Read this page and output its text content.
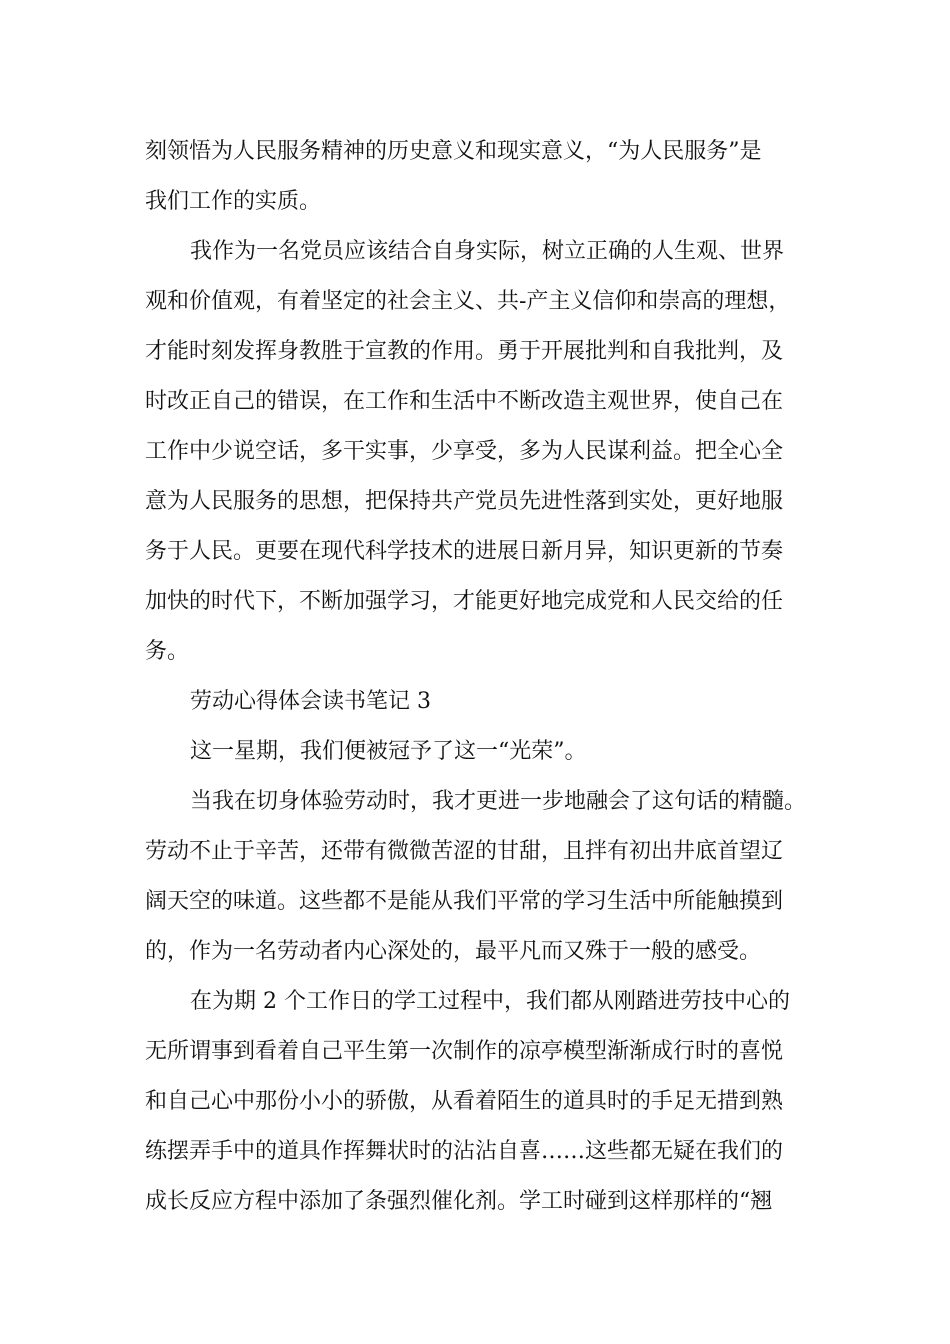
刻领悟为人民服务精神的历史意义和现实意义，“为人民服务”是
我们工作的实质。
我作为一名党员应该结合自身实际，树立正确的人生观、世界
观和价值观，有着坚定的社会主义、共-产主义信仰和崇高的理想，
才能时刻发挥身教胜于宣教的作用。勇于开展批判和自我批判，及
时改正自己的错误，在工作和生活中不断改造主观世界，使自己在
工作中少说空话，多干实事，少享受，多为人民谋利益。把全心全
意为人民服务的思想，把保持共产党员先进性落到实处，更好地服
务于人民。更要在现代科学技术的进展日新月异，知识更新的节奏
加快的时代下，不断加强学习，才能更好地完成党和人民交给的任
务。
劳动心得体会读书笔记 3
这一星期，我们便被冠予了这一“光荣”。
当我在切身体验劳动时，我才更进一步地融会了这句话的精髓。
劳动不止于辛苦，还带有微微苦涩的甘甜，且拌有初出井底首望辽
阔天空的味道。这些都不是能从我们平常的学习生活中所能触摸到
的，作为一名劳动者内心深处的，最平凡而又殊于一般的感受。
在为期 2 个工作日的学工过程中，我们都从刚踏进劳技中心的
无所谓事到看着自己平生第一次制作的凉亭模型渐渐成行时的喜悦
和自己心中那份小小的骄傲，从看着陌生的道具时的手足无措到熟
练摆弄手中的道具作挥舞状时的沾沾自喜……这些都无疑在我们的
成长反应方程中添加了条强烈催化剂。学工时碰到这样那样的“翘
